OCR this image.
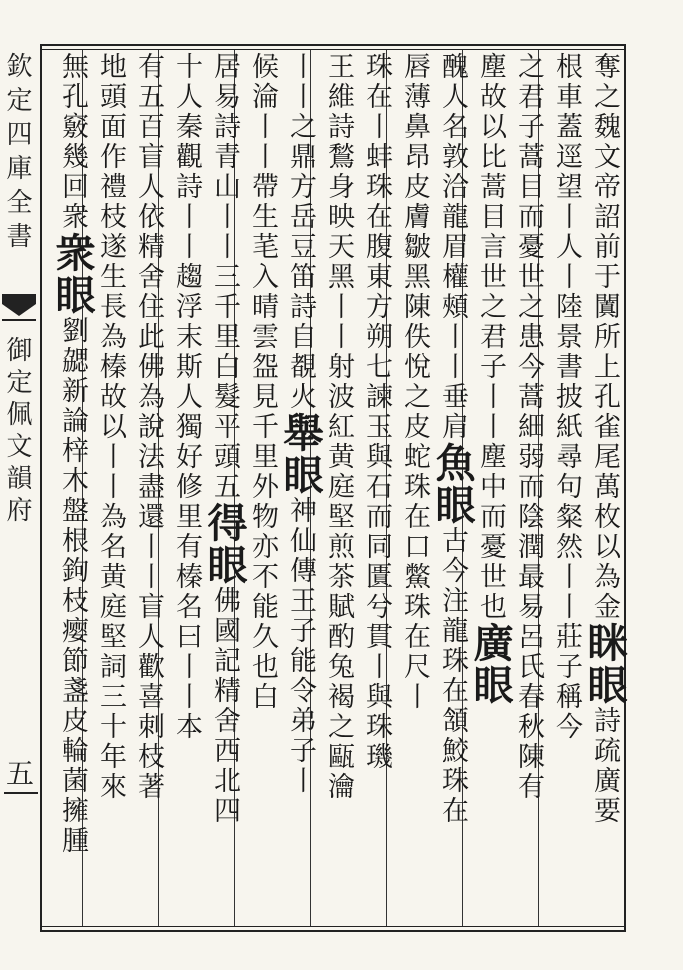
欽定四庫全書
御定佩文韻府
五
奪之魏文帝詔前于闐所上孔雀尾萬枚以為金眯眼詩疏廣要
根車蓋逕望丨人丨陸景書披紙尋句粲然丨丨莊子稱今
之君子蒿目而憂世之患今蒿細弱而陰潤最易呂氏春秋陳有
塵故以比蒿目言世之君子丨丨塵中而憂世也廣眼
醜人名敦洽龍眉權頰丨丨垂肩魚眼古今注龍珠在頷鮫珠在
唇薄鼻昂皮膚皺黑陳佚悅之皮蛇珠在口鱉珠在尺丨
珠在丨蚌珠在腹東方朔七諫玉與石而同匱兮貫丨與珠璣
王維詩鶖身映天黑丨丨射波紅黄庭堅煎茶賦酌兔褐之甌瀹
丨丨之鼎方岳豆笛詩自覩火舉眼神仙傳王子能令弟子丨
候淪丨丨帶生芼入晴雲盌見千里外物亦不能久也白
居易詩青山丨丨三千里白髮平頭五得眼佛國記精舍西北四
十人秦觀詩丨丨趨浮末斯人獨好修里有榛名曰丨丨本
有五百盲人依精舍住此佛為說法盡還丨丨盲人歡喜刺枝著
地頭面作禮枝遂生長為榛故以丨丨為名黄庭堅詞三十年來
無孔竅幾回衆衆眼劉勰新論梓木盤根鉤枝瘿節盞皮輪菌擁腫
